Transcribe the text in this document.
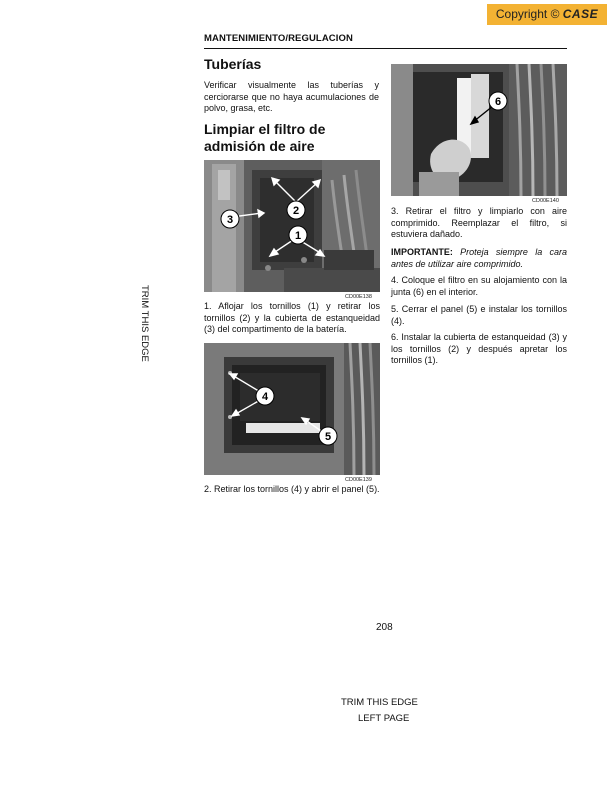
Copyright © CASE
MANTENIMIENTO/REGULACION
Tuberías
Verificar visualmente las tuberías y cerciorarse que no haya acumulaciones de polvo, grasa, etc.
Limpiar el filtro de admisión de aire
2
1
3
CD00E138
1. Aflojar los tornillos (1) y retirar los tornillos (2) y la cubierta de estanqueidad (3) del compartimento de la batería.
4
5
CD00E139
2. Retirar los tornillos (4) y abrir el panel (5).
6
CD00E140
3. Retirar el filtro y limpiarlo con aire comprimido. Reemplazar el filtro, si estuviera dañado.
IMPORTANTE: Proteja siempre la cara antes de utilizar aire comprimido.
4. Coloque el filtro en su alojamiento con la junta (6) en el interior.
5. Cerrar el panel (5) e instalar los tornillos (4).
6. Instalar la cubierta de estanqueidad (3) y los tornillos (2) y después apretar los tornillos (1).
208
TRIM THIS EDGE
LEFT PAGE
TRIM THIS EDGE
